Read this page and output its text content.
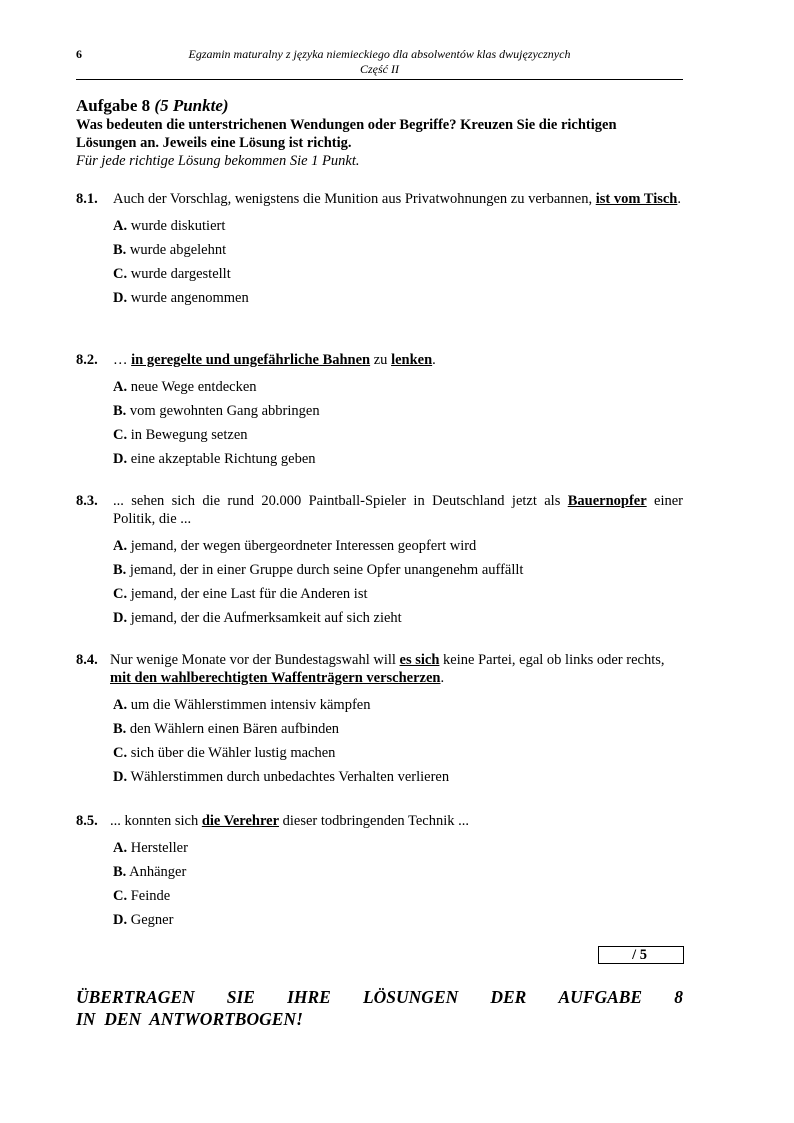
6	Egzamin maturalny z języka niemieckiego dla absolwentów klas dwujęzycznych
Część II
Aufgabe 8 (5 Punkte)
Was bedeuten die unterstrichenen Wendungen oder Begriffe? Kreuzen Sie die richtigen
Lösungen an. Jeweils eine Lösung ist richtig.
Für jede richtige Lösung bekommen Sie 1 Punkt.
8.1. Auch der Vorschlag, wenigstens die Munition aus Privatwohnungen zu verbannen, ist vom Tisch.
A. wurde diskutiert
B. wurde abgelehnt
C. wurde dargestellt
D. wurde angenommen
8.2. … in geregelte und ungefährliche Bahnen zu lenken.
A. neue Wege entdecken
B. vom gewohnten Gang abbringen
C. in Bewegung setzen
D. eine akzeptable Richtung geben
8.3. ... sehen sich die rund 20.000 Paintball-Spieler in Deutschland jetzt als Bauernopfer einer Politik, die ...
A. jemand, der wegen übergeordneter Interessen geopfert wird
B. jemand, der in einer Gruppe durch seine Opfer unangenehm auffällt
C. jemand, der eine Last für die Anderen ist
D. jemand, der die Aufmerksamkeit auf sich zieht
8.4. Nur wenige Monate vor der Bundestagswahl will es sich keine Partei, egal ob links oder rechts, mit den wahlberechtigten Waffenträgern verscherzen.
A. um die Wählerstimmen intensiv kämpfen
B. den Wählern einen Bären aufbinden
C. sich über die Wähler lustig machen
D. Wählerstimmen durch unbedachtes Verhalten verlieren
8.5. ... konnten sich die Verehrer dieser todbringenden Technik ...
A. Hersteller
B. Anhänger
C. Feinde
D. Gegner
/ 5
ÜBERTRAGEN SIE IHRE LÖSUNGEN DER AUFGABE 8
IN  DEN  ANTWORTBOGEN!
